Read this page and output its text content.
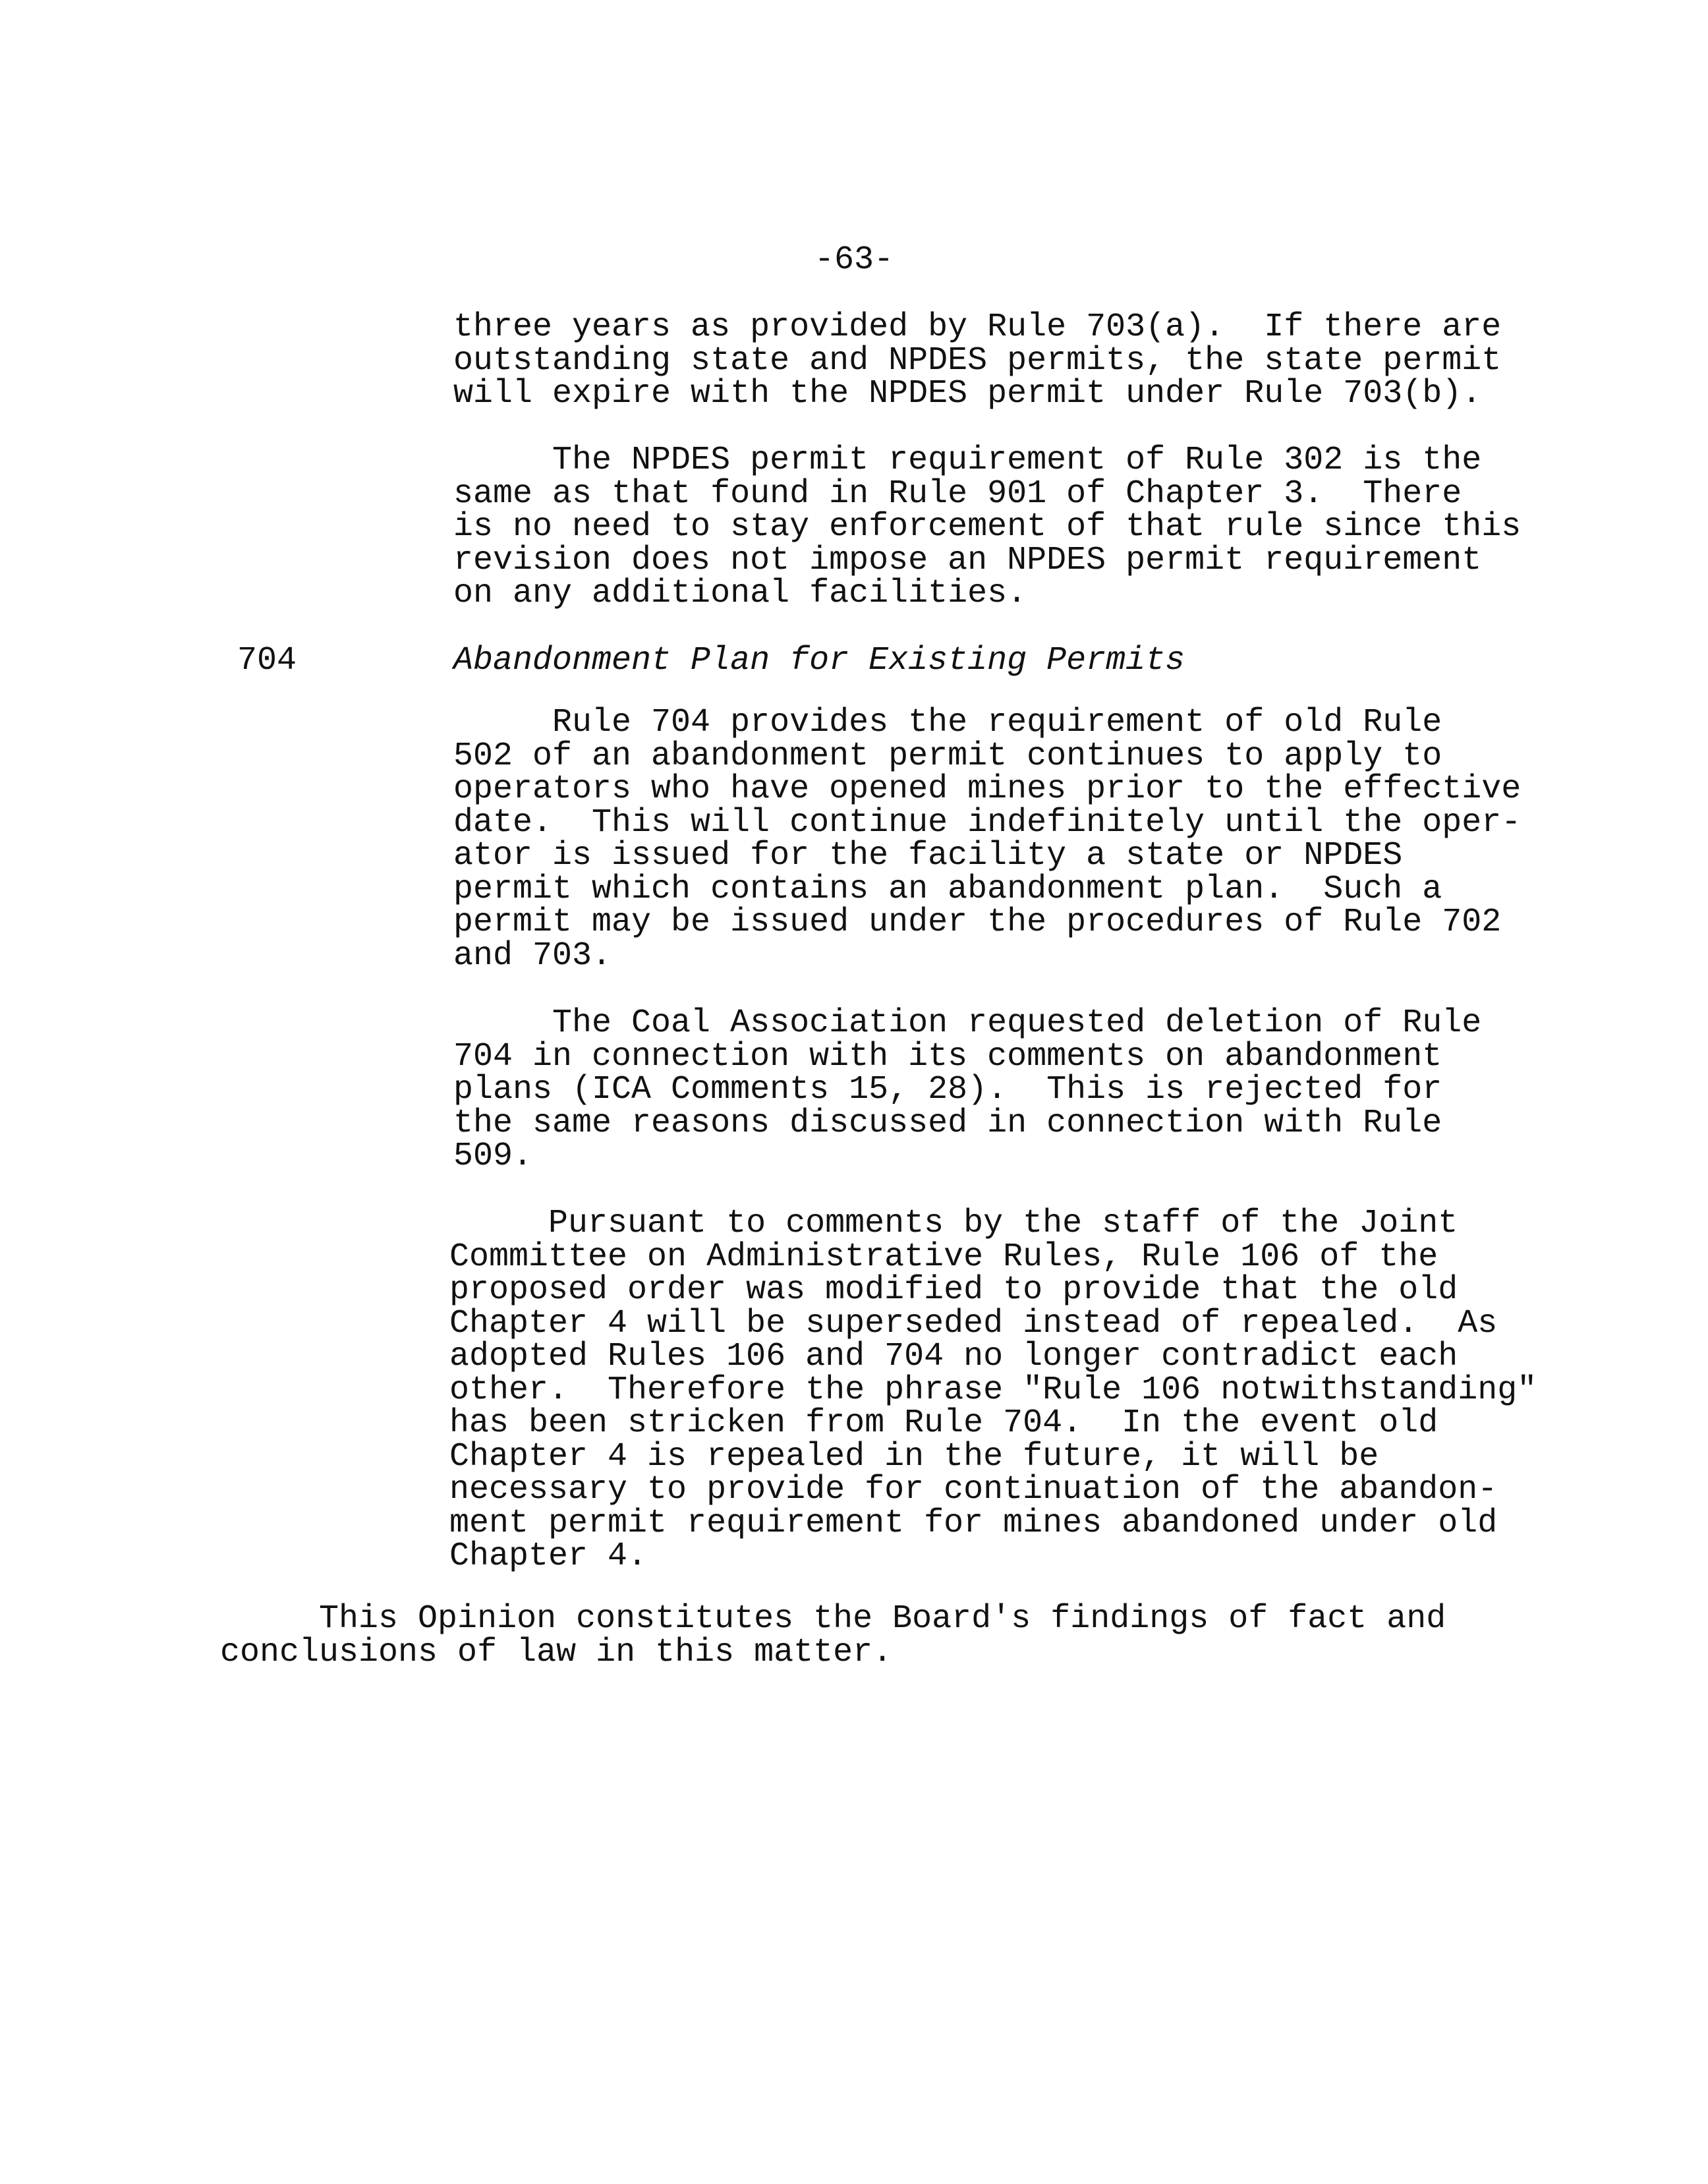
-63-

three years as provided by Rule 703(a).  If there are
outstanding state and NPDES permits, the state permit
will expire with the NPDES permit under Rule 703(b).

The NPDES permit requirement of Rule 302 is the
same as that found in Rule 901 of Chapter 3.  There
is no need to stay enforcement of that rule since this
revision does not impose an NPDES permit requirement
on any additional facilities.

704	Abandonment Plan for Existing Permits

Rule 704 provides the requirement of old Rule
502 of an abandonment permit continues to apply to
operators who have opened mines prior to the effective
date.  This will continue indefinitely until the oper-
ator is issued for the facility a state or NPDES
permit which contains an abandonment plan.  Such a
permit may be issued under the procedures of Rule 702
and 703.

The Coal Association requested deletion of Rule
704 in connection with its comments on abandonment
plans (ICA Comments 15, 28).  This is rejected for
the same reasons discussed in connection with Rule
509.

Pursuant to comments by the staff of the Joint
Committee on Administrative Rules, Rule 106 of the
proposed order was modified to provide that the old
Chapter 4 will be superseded instead of repealed.  As
adopted Rules 106 and 704 no longer contradict each
other.  Therefore the phrase "Rule 106 notwithstanding"
has been stricken from Rule 704.  In the event old
Chapter 4 is repealed in the future, it will be
necessary to provide for continuation of the abandon-
ment permit requirement for mines abandoned under old
Chapter 4.

This Opinion constitutes the Board's findings of fact and
conclusions of law in this matter.
